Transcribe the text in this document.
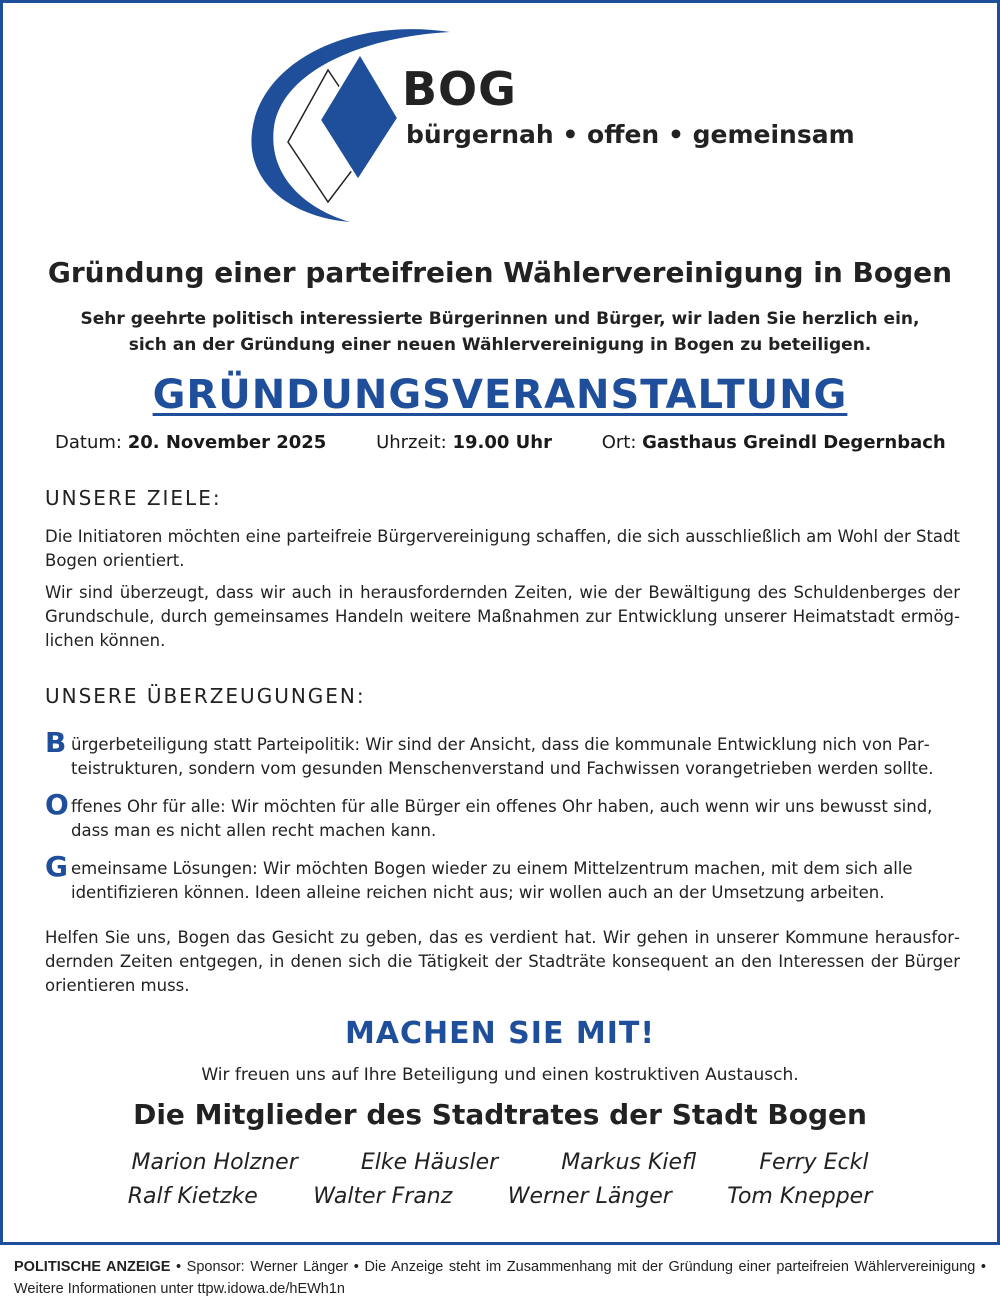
BOG
bürgernah • offen • gemeinsam
Gründung einer parteifreien Wählervereinigung in Bogen
Sehr geehrte politisch interessierte Bürgerinnen und Bürger, wir laden Sie herzlich ein,
sich an der Gründung einer neuen Wählervereinigung in Bogen zu beteiligen.
GRÜNDUNGSVERANSTALTUNG
Datum: 20. November 2025	Uhrzeit: 19.00 Uhr	Ort: Gasthaus Greindl Degernbach
UNSERE ZIELE:

Die Initiatoren möchten eine parteifreie Bürgervereinigung schaffen, die sich ausschließlich am Wohl der Stadt Bogen orientiert.

Wir sind überzeugt, dass wir auch in herausfordernden Zeiten, wie der Bewältigung des Schuldenberges der Grundschule, durch gemeinsames Handeln weitere Maßnahmen zur Entwicklung unserer Heimatstadt ermöglichen können.

UNSERE ÜBERZEUGUNGEN:
B ürgerbeteiligung statt Parteipolitik: Wir sind der Ansicht, dass die kommunale Entwicklung nich von Parteistrukturen, sondern vom gesunden Menschenverstand und Fachwissen vorangetrieben werden sollte.
O ffenes Ohr für alle: Wir möchten für alle Bürger ein offenes Ohr haben, auch wenn wir uns bewusst sind, dass man es nicht allen recht machen kann.
G emeinsame Lösungen: Wir möchten Bogen wieder zu einem Mittelzentrum machen, mit dem sich alle identifizieren können. Ideen alleine reichen nicht aus; wir wollen auch an der Umsetzung arbeiten.
Helfen Sie uns, Bogen das Gesicht zu geben, das es verdient hat. Wir gehen in unserer Kommune herausfordernden Zeiten entgegen, in denen sich die Tätigkeit der Stadträte konsequent an den Interessen der Bürger orientieren muss.
MACHEN SIE MIT!
Wir freuen uns auf Ihre Beteiligung und einen kostruktiven Austausch.
Die Mitglieder des Stadtrates der Stadt Bogen
Marion Holzner	Elke Häusler	Markus Kiefl	Ferry Eckl
Ralf Kietzke	Walter Franz	Werner Länger	Tom Knepper
POLITISCHE ANZEIGE • Sponsor: Werner Länger • Die Anzeige steht im Zusammenhang mit der Gründung einer parteifreien Wählervereinigung • Weitere Informationen unter ttpw.idowa.de/hEWh1n
